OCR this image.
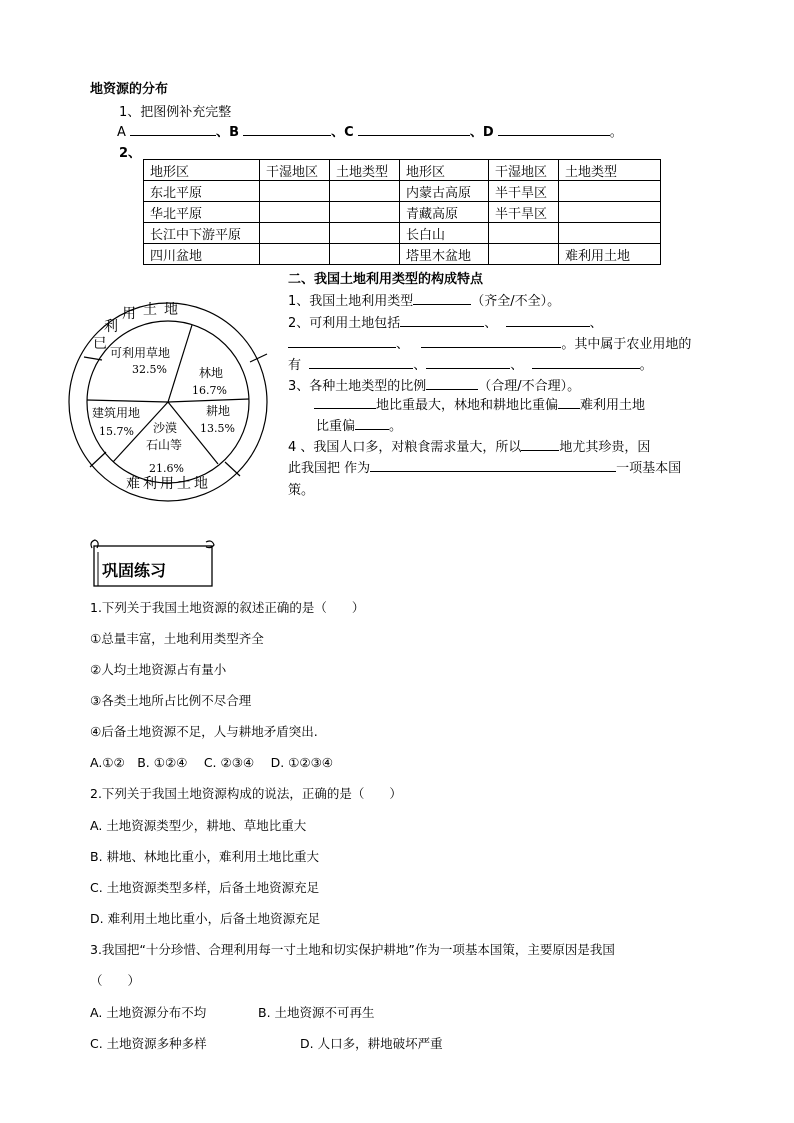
地资源的分布
1、把图例补充完整
A	、B	、C	、D	。
2、
地形区	干湿地区	土地类型	地形区	干湿地区	土地类型
东北平原			内蒙古高原	半干旱区	
华北平原			青藏高原	半干旱区	
长江中下游平原			长白山		
四川盆地			塔里木盆地		难利用土地
已
利
用 土 地
难利用土地
可利用草地
32.5%	林地
16.7%
耕地
13.5%
沙漠
石山等
21.6%
建筑用地
15.7%
二、我国土地利用类型的构成特点
1、我国土地利用类型	（齐全/不全）。
2、可利用土地包括	、	、
、	。其中属于农业用地的
有	、	、	。
3、各种土地类型的比例	（合理/不合理）。
地比重最大，林地和耕地比重偏 难利用土地
比重偏	。
4 、我国人口多，对粮食需求量大，所以	地尤其珍贵，因
此我国把 作为	一项基本国
策。
巩固练习
1.下列关于我国土地资源的叙述正确的是（　　）
①总量丰富，土地利用类型齐全
②人均土地资源占有量小
③各类土地所占比例不尽合理
④后备土地资源不足，人与耕地矛盾突出.
A.①②　B. ①②④　 C. ②③④　 D. ①②③④
2.下列关于我国土地资源构成的说法，正确的是（　　）
A. 土地资源类型少，耕地、草地比重大
B. 耕地、林地比重小，难利用土地比重大
C. 土地资源类型多样，后备土地资源充足
D. 难利用土地比重小，后备土地资源充足
3.我国把“十分珍惜、合理利用每一寸土地和切实保护耕地”作为一项基本国策，主要原因是我国
（　　）
A. 土地资源分布不均	B. 土地资源不可再生
C. 土地资源多种多样	D. 人口多，耕地破坏严重
